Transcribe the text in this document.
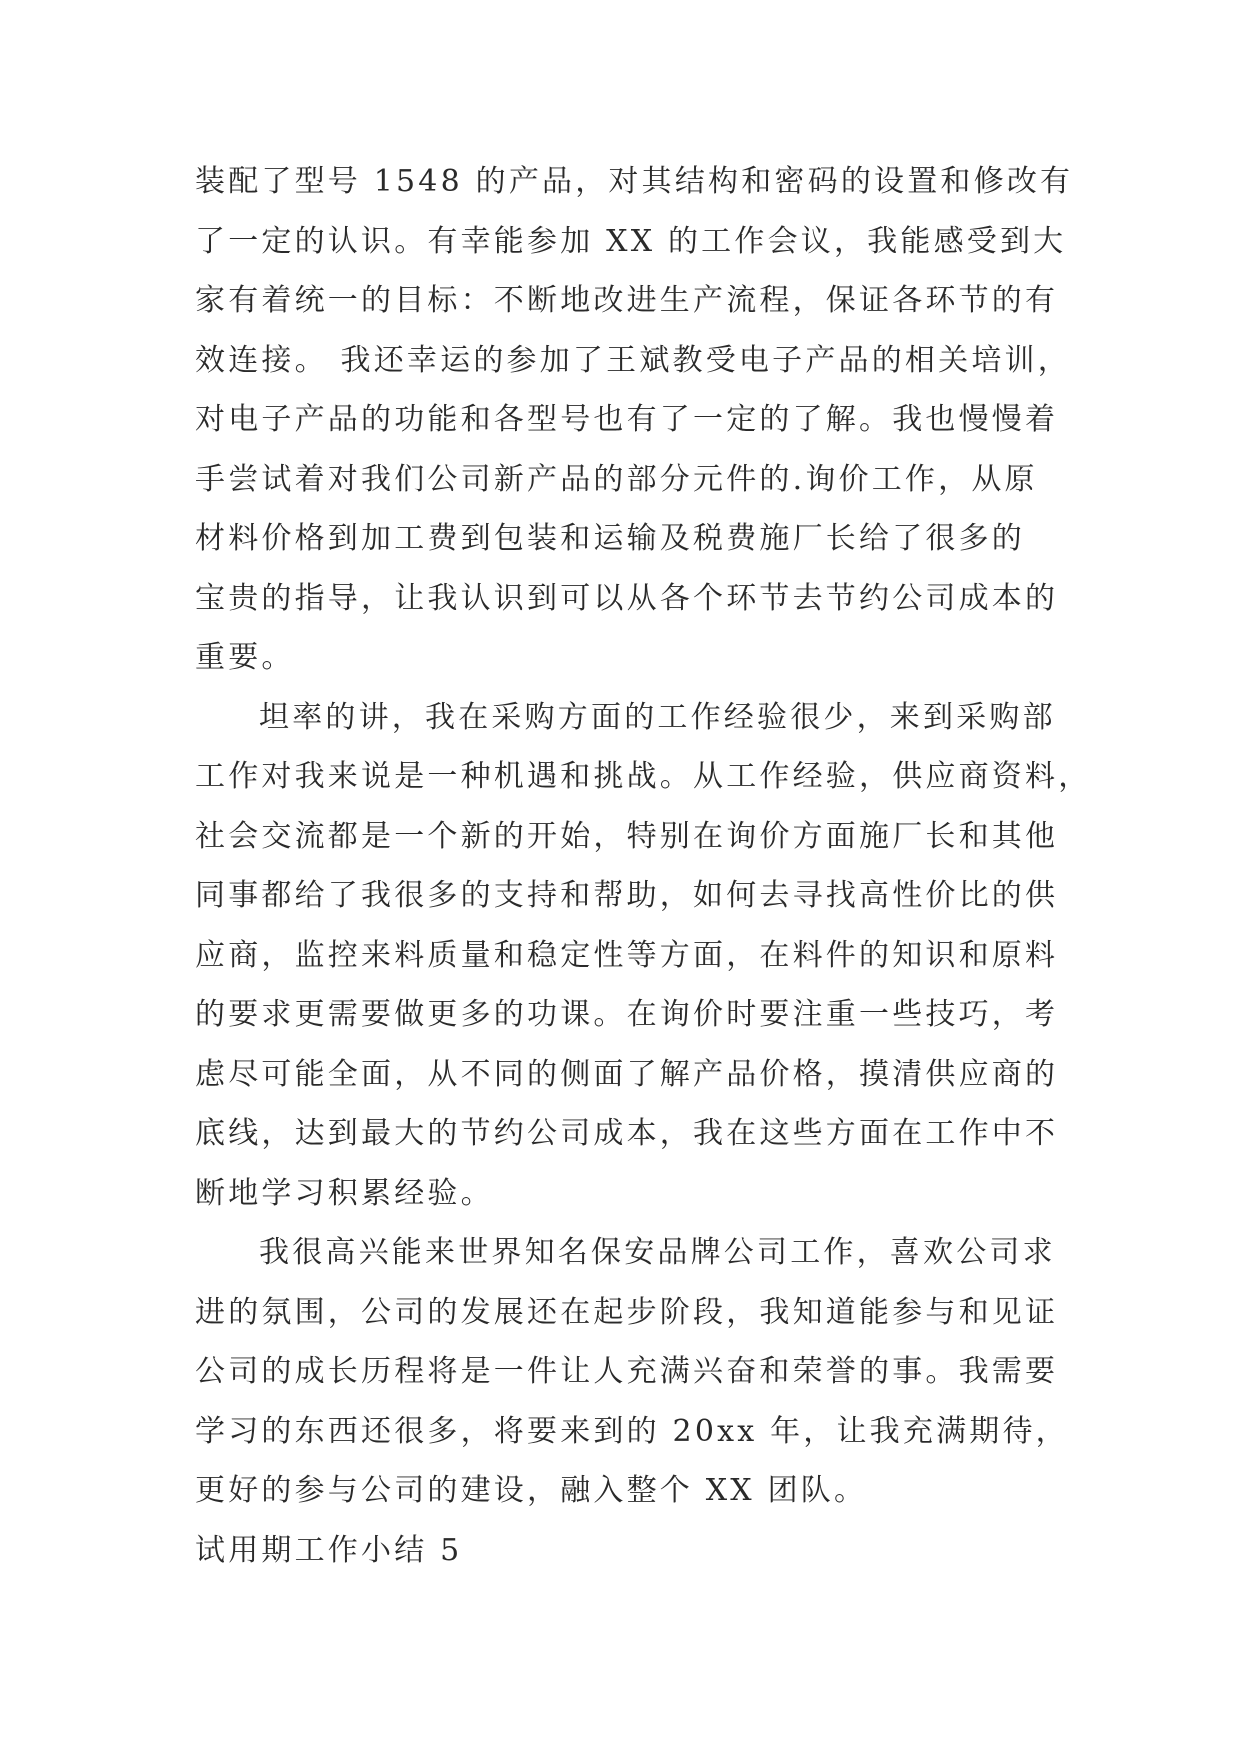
装配了型号 1548 的产品，对其结构和密码的设置和修改有
了一定的认识。有幸能参加 XX 的工作会议，我能感受到大
家有着统一的目标：不断地改进生产流程，保证各环节的有
效连接。 我还幸运的参加了王斌教受电子产品的相关培训，
对电子产品的功能和各型号也有了一定的了解。我也慢慢着
手尝试着对我们公司新产品的部分元件的.询价工作，从原
材料价格到加工费到包装和运输及税费施厂长给了很多的
宝贵的指导，让我认识到可以从各个环节去节约公司成本的
重要。
坦率的讲，我在采购方面的工作经验很少，来到采购部
工作对我来说是一种机遇和挑战。从工作经验，供应商资料，
社会交流都是一个新的开始，特别在询价方面施厂长和其他
同事都给了我很多的支持和帮助，如何去寻找高性价比的供
应商，监控来料质量和稳定性等方面，在料件的知识和原料
的要求更需要做更多的功课。在询价时要注重一些技巧，考
虑尽可能全面，从不同的侧面了解产品价格，摸清供应商的
底线，达到最大的节约公司成本，我在这些方面在工作中不
断地学习积累经验。
我很高兴能来世界知名保安品牌公司工作，喜欢公司求
进的氛围，公司的发展还在起步阶段，我知道能参与和见证
公司的成长历程将是一件让人充满兴奋和荣誉的事。我需要
学习的东西还很多，将要来到的 20xx 年，让我充满期待，
更好的参与公司的建设，融入整个 XX 团队。
试用期工作小结 5
